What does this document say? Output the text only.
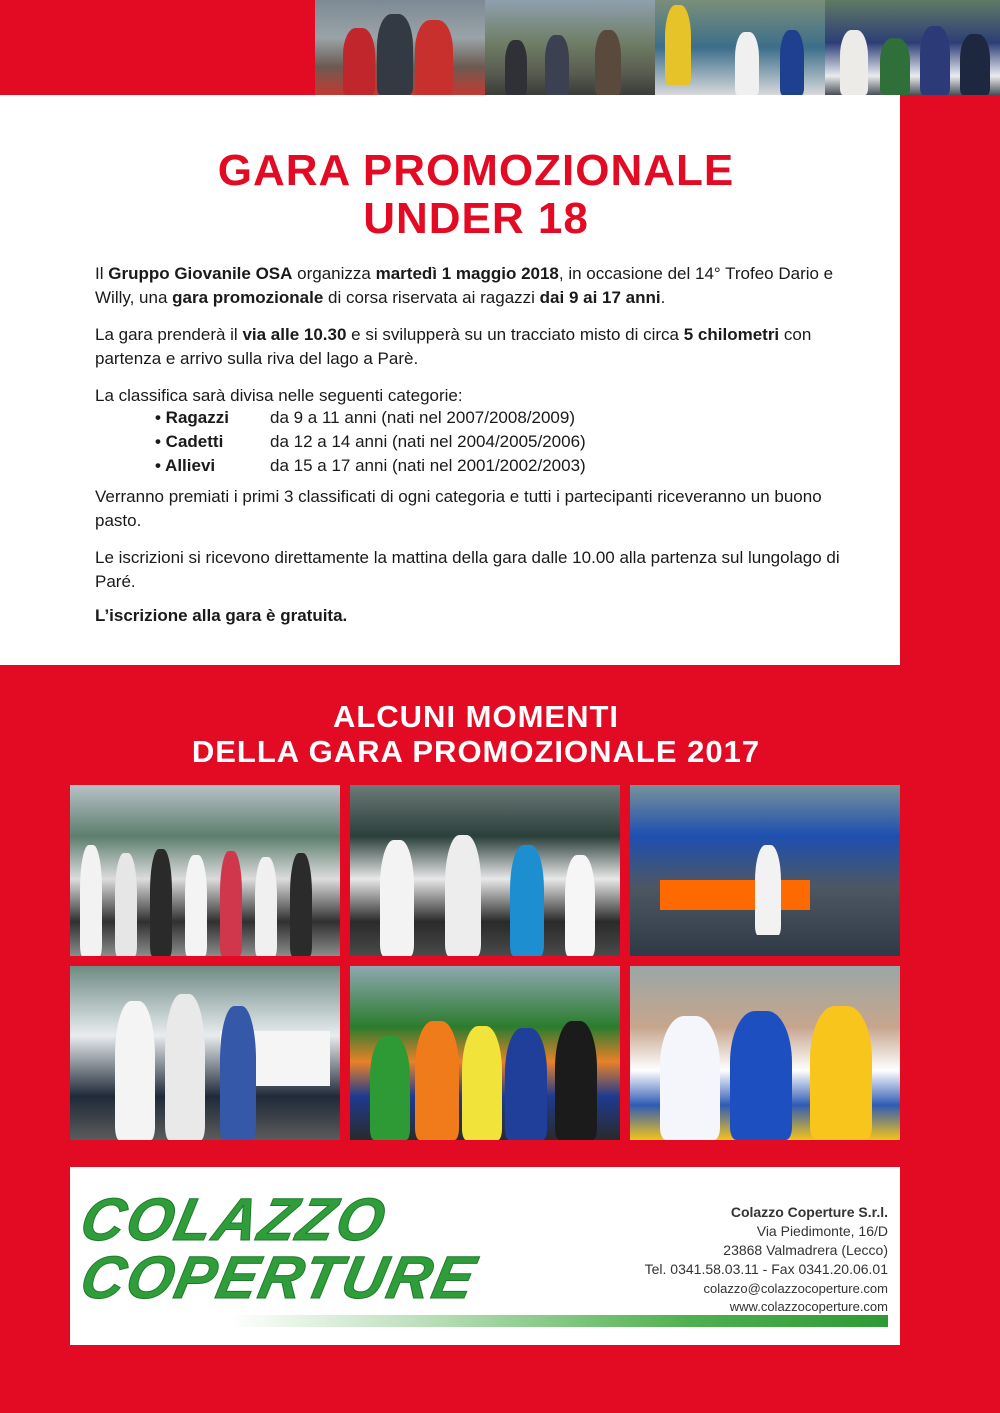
GARA PROMOZIONALE
UNDER 18
Il Gruppo Giovanile OSA organizza martedì 1 maggio 2018, in occasione del 14° Trofeo Dario e Willy, una gara promozionale di corsa riservata ai ragazzi dai 9 ai 17 anni.
La gara prenderà il via alle 10.30 e si svilupperà su un tracciato misto di circa 5 chilometri con partenza e arrivo sulla riva del lago a Parè.
La classifica sarà divisa nelle seguenti categorie:
• Ragazzi da 9 a 11 anni (nati nel 2007/2008/2009)
• Cadetti	da 12 a 14 anni (nati nel 2004/2005/2006)
• Allievi	da 15 a 17 anni (nati nel 2001/2002/2003)
Verranno premiati i primi 3 classificati di ogni categoria e tutti i partecipanti riceveranno un buono pasto.
Le iscrizioni si ricevono direttamente la mattina della gara dalle 10.00 alla partenza sul lungolago di Paré.
L’iscrizione alla gara è gratuita.
ALCUNI MOMENTI
DELLA GARA PROMOZIONALE 2017
COLAZZO
COPERTURE
Colazzo Coperture S.r.l.
Via Piedimonte, 16/D
23868 Valmadrera (Lecco)
Tel. 0341.58.03.11 - Fax 0341.20.06.01
colazzo@colazzocoperture.com
www.colazzocoperture.com
